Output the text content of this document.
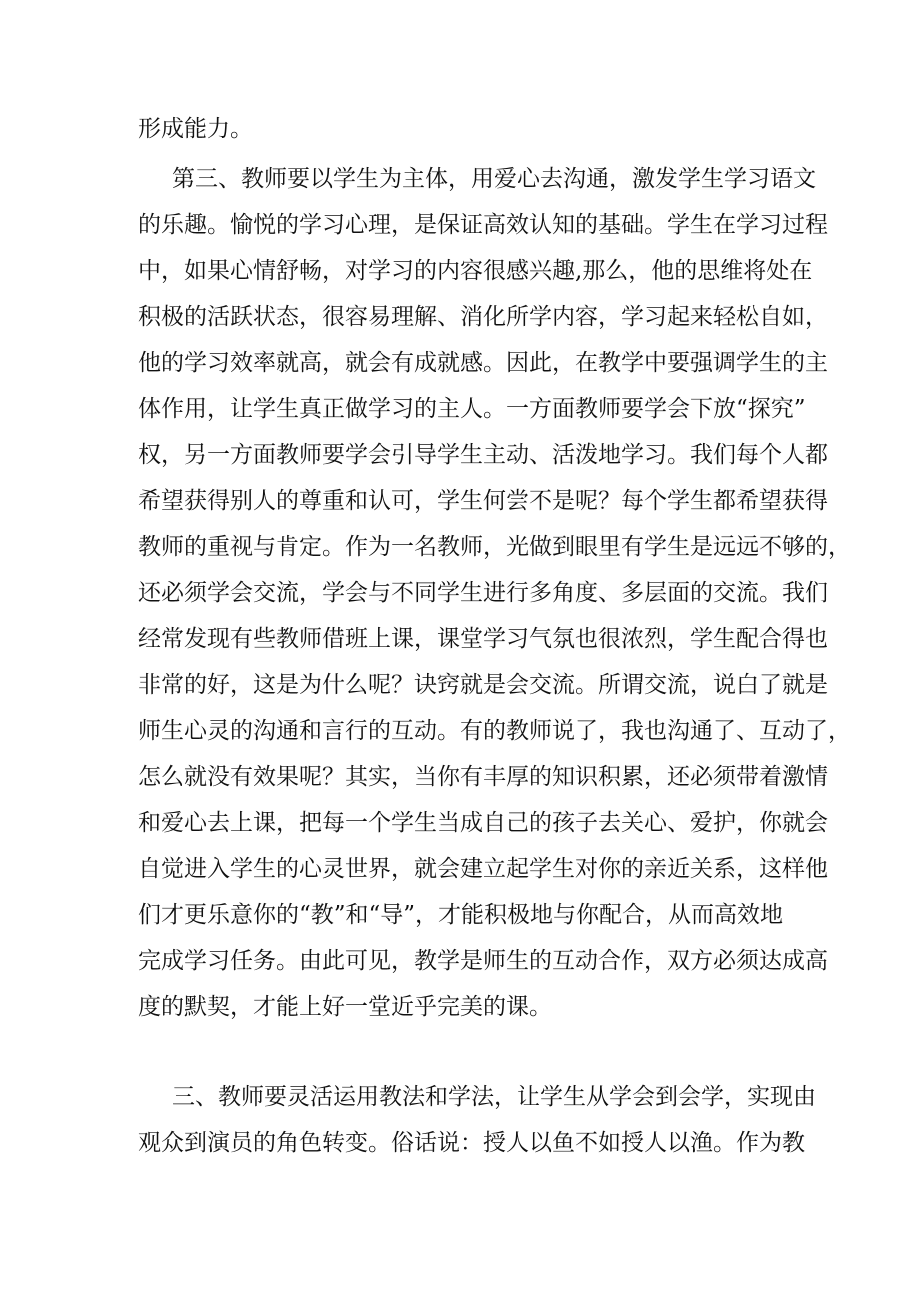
形成能力。
第三、教师要以学生为主体，用爱心去沟通，激发学生学习语文
的乐趣。愉悦的学习心理，是保证高效认知的基础。学生在学习过程
中，如果心情舒畅，对学习的内容很感兴趣,那么，他的思维将处在
积极的活跃状态，很容易理解、消化所学内容，学习起来轻松自如，
他的学习效率就高，就会有成就感。因此，在教学中要强调学生的主
体作用，让学生真正做学习的主人。一方面教师要学会下放“探究”
权，另一方面教师要学会引导学生主动、活泼地学习。我们每个人都
希望获得别人的尊重和认可，学生何尝不是呢？每个学生都希望获得
教师的重视与肯定。作为一名教师，光做到眼里有学生是远远不够的，
还必须学会交流，学会与不同学生进行多角度、多层面的交流。我们
经常发现有些教师借班上课，课堂学习气氛也很浓烈，学生配合得也
非常的好，这是为什么呢？诀窍就是会交流。所谓交流，说白了就是
师生心灵的沟通和言行的互动。有的教师说了，我也沟通了、互动了，
怎么就没有效果呢？其实，当你有丰厚的知识积累，还必须带着激情
和爱心去上课，把每一个学生当成自己的孩子去关心、爱护，你就会
自觉进入学生的心灵世界，就会建立起学生对你的亲近关系，这样他
们才更乐意你的“教”和“导”，才能积极地与你配合，从而高效地
完成学习任务。由此可见，教学是师生的互动合作，双方必须达成高
度的默契，才能上好一堂近乎完美的课。
三、教师要灵活运用教法和学法，让学生从学会到会学，实现由
观众到演员的角色转变。俗话说：授人以鱼不如授人以渔。作为教
